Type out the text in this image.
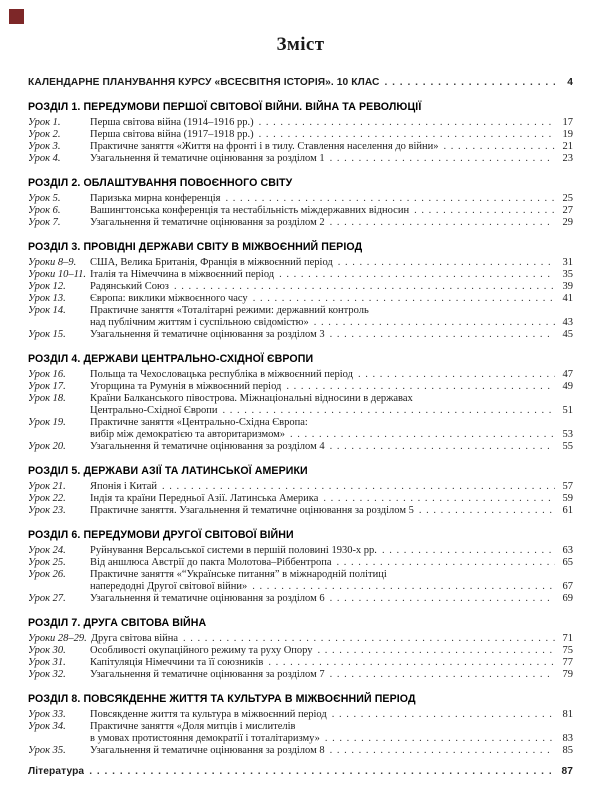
Зміст
КАЛЕНДАРНЕ ПЛАНУВАННЯ КУРСУ «ВСЕСВІТНЯ ІСТОРІЯ». 10 КЛАС . . .	4
РОЗДІЛ 1. ПЕРЕДУМОВИ ПЕРШОЇ СВІТОВОЇ ВІЙНИ. ВІЙНА ТА РЕВОЛЮЦІЇ
Урок 1.	Перша світова війна (1914–1916 рр.) . . .	17
Урок 2.	Перша світова війна (1917–1918 рр.) . . .	19
Урок 3.	Практичне заняття «Життя на фронті і в тилу. Ставлення населення до війни» . . .	21
Урок 4.	Узагальнення й тематичне оцінювання за розділом 1 . . .	23
РОЗДІЛ 2. ОБЛАШТУВАННЯ ПОВОЄННОГО СВІТУ
Урок 5.	Паризька мирна конференція . . .	25
Урок 6.	Вашингтонська конференція та нестабільність міждержавних відносин . . .	27
Урок 7.	Узагальнення й тематичне оцінювання за розділом 2 . . .	29
РОЗДІЛ 3. ПРОВІДНІ ДЕРЖАВИ СВІТУ В МІЖВОЄННИЙ ПЕРІОД
Уроки 8–9.	США, Велика Британія, Франція в міжвоєнний період . . .	31
Уроки 10–11. Італія та Німеччина в міжвоєнний період . . .	35
Урок 12.	Радянський Союз . . .	39
Урок 13.	Європа: виклики міжвоєнного часу . . .	41
Урок 14.	Практичне заняття «Тоталітарні режими: державний контроль
над публічним життям і суспільною свідомістю» . . .	43
Урок 15.	Узагальнення й тематичне оцінювання за розділом 3 . . .	45
РОЗДІЛ 4. ДЕРЖАВИ ЦЕНТРАЛЬНО-СХІДНОЇ ЄВРОПИ
Урок 16.	Польща та Чехословацька республіка в міжвоєнний період . . .	47
Урок 17.	Угорщина та Румунія в міжвоєнний період . . .	49
Урок 18.	Країни Балканського півострова. Міжнаціональні відносини в державах
Центрально-Східної Європи . . .	51
Урок 19.	Практичне заняття «Центрально-Східна Європа:
вибір між демократією та авторитаризмом» . . .	53
Урок 20.	Узагальнення й тематичне оцінювання за розділом 4 . . .	55
РОЗДІЛ 5. ДЕРЖАВИ АЗІЇ ТА ЛАТИНСЬКОЇ АМЕРИКИ
Урок 21.	Японія і Китай . . .	57
Урок 22.	Індія та країни Передньої Азії. Латинська Америка . . .	59
Урок 23.	Практичне заняття. Узагальнення й тематичне оцінювання за розділом 5 . . .	61
РОЗДІЛ 6. ПЕРЕДУМОВИ ДРУГОЇ СВІТОВОЇ ВІЙНИ
Урок 24.	Руйнування Версальської системи в першій половині 1930-х рр. . . .	63
Урок 25.	Від аншлюса Австрії до пакта Молотова–Ріббентропа . . .	65
Урок 26.	Практичне заняття «“Українське питання” в міжнародній політиці
напередодні Другої світової війни» . . .	67
Урок 27.	Узагальнення й тематичне оцінювання за розділом 6 . . .	69
РОЗДІЛ 7. ДРУГА СВІТОВА ВІЙНА
Уроки 28–29. Друга світова війна . . .	71
Урок 30.	Особливості окупаційного режиму та руху Опору . . .	75
Урок 31.	Капітуляція Німеччини та її союзників . . .	77
Урок 32.	Узагальнення й тематичне оцінювання за розділом 7 . . .	79
РОЗДІЛ 8. ПОВСЯКДЕННЕ ЖИТТЯ ТА КУЛЬТУРА В МІЖВОЄННИЙ ПЕРІОД
Урок 33.	Повсякденне життя та культура в міжвоєнний період . . .	81
Урок 34.	Практичне заняття «Доля митців і мислителів
в умовах протистояння демократії і тоталітаризму» . . .	83
Урок 35.	Узагальнення й тематичне оцінювання за розділом 8 . . .	85
Література . . .	87
